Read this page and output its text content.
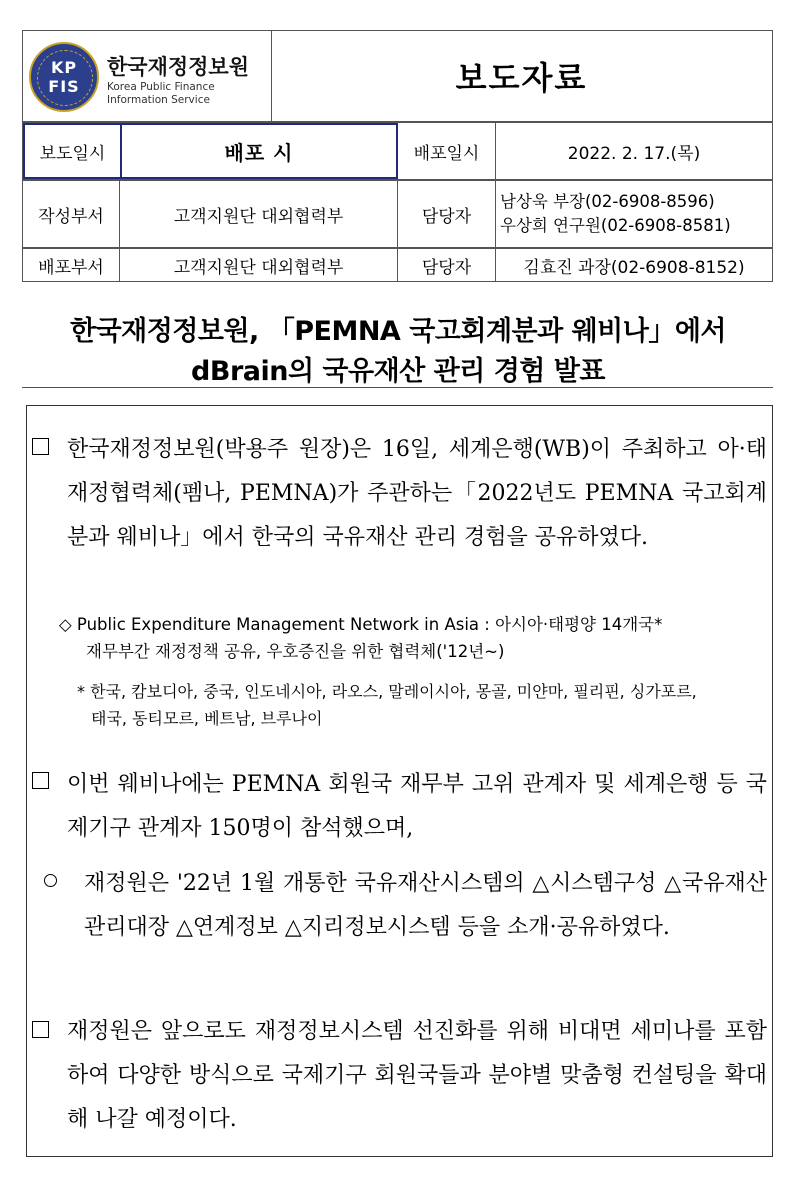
KP
FIS
한국재정정보원
Korea Public Finance
Information Service
보도자료
보도일시	배포 시	배포일시	2022. 2. 17.(목)
작성부서	고객지원단 대외협력부	담당자
남상욱 부장(02-6908-8596)
우상희 연구원(02-6908-8581)
배포부서	고객지원단 대외협력부	담당자	김효진 과장(02-6908-8152)
한국재정정보원, 「PEMNA 국고회계분과 웨비나」에서
dBrain의 국유재산 관리 경험 발표
한국재정정보원(박용주 원장)은 16일, 세계은행(WB)이 주최하고 아·태 재정협력체(펨나, PEMNA)가 주관하는「2022년도 PEMNA 국고회계분과 웨비나」에서 한국의 국유재산 관리 경험을 공유하였다.
◇ Public Expenditure Management Network in Asia : 아시아·태평양 14개국*
재무부간 재정정책 공유, 우호증진을 위한 협력체('12년~)
* 한국, 캄보디아, 중국, 인도네시아, 라오스, 말레이시아, 몽골, 미얀마, 필리핀, 싱가포르,
태국, 동티모르, 베트남, 브루나이
이번 웨비나에는 PEMNA 회원국 재무부 고위 관계자 및 세계은행 등 국제기구 관계자 150명이 참석했으며,
재정원은 '22년 1월 개통한 국유재산시스템의 △시스템구성 △국유재산관리대장 △연계정보 △지리정보시스템 등을 소개·공유하였다.
재정원은 앞으로도 재정정보시스템 선진화를 위해 비대면 세미나를 포함하여 다양한 방식으로 국제기구 회원국들과 분야별 맞춤형 컨설팅을 확대해 나갈 예정이다.
